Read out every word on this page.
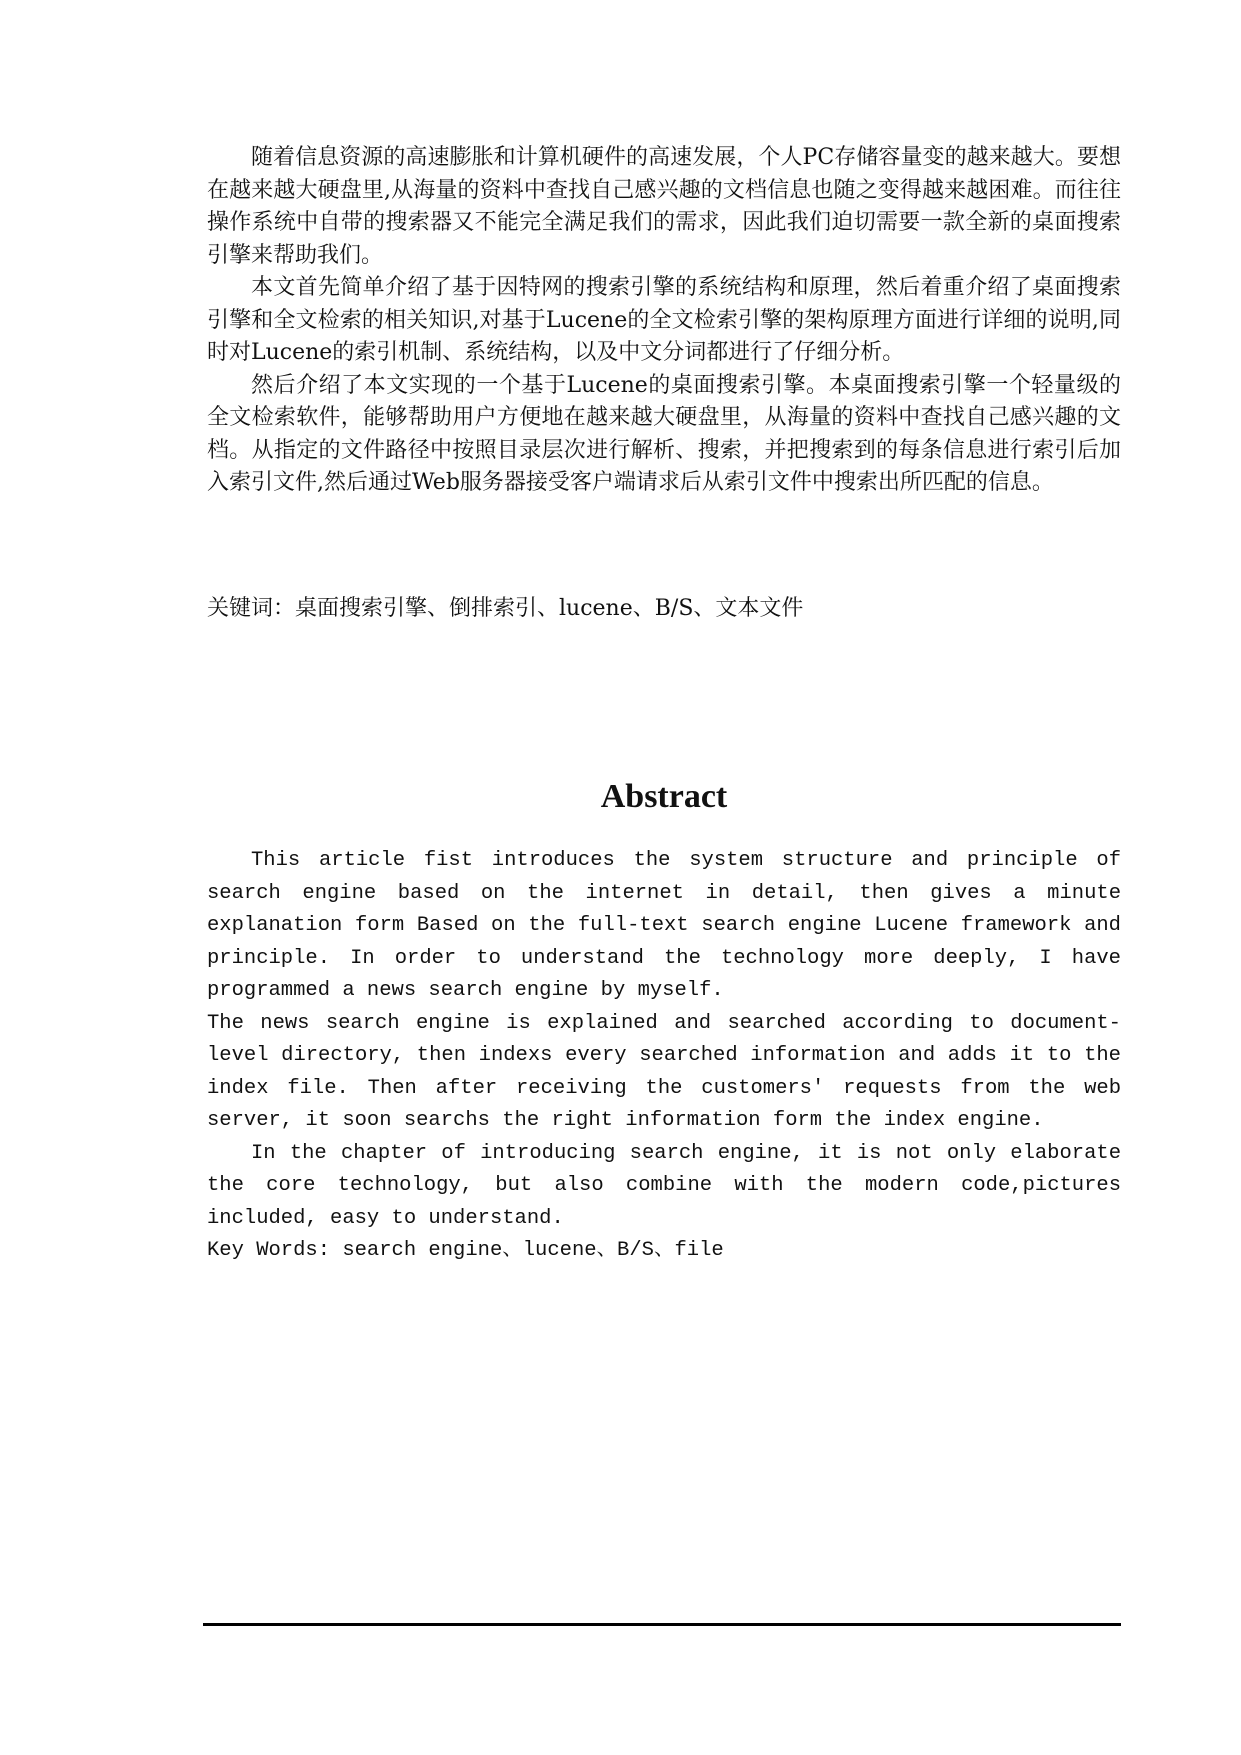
随着信息资源的高速膨胀和计算机硬件的高速发展，个人PC存储容量变的越来越大。要想在越来越大硬盘里,从海量的资料中查找自己感兴趣的文档信息也随之变得越来越困难。而往往操作系统中自带的搜索器又不能完全满足我们的需求，因此我们迫切需要一款全新的桌面搜索引擎来帮助我们。

本文首先简单介绍了基于因特网的搜索引擎的系统结构和原理，然后着重介绍了桌面搜索引擎和全文检索的相关知识,对基于Lucene的全文检索引擎的架构原理方面进行详细的说明,同时对Lucene的索引机制、系统结构，以及中文分词都进行了仔细分析。

然后介绍了本文实现的一个基于Lucene的桌面搜索引擎。本桌面搜索引擎一个轻量级的全文检索软件，能够帮助用户方便地在越来越大硬盘里，从海量的资料中查找自己感兴趣的文档。从指定的文件路径中按照目录层次进行解析、搜索，并把搜索到的每条信息进行索引后加入索引文件,然后通过Web服务器接受客户端请求后从索引文件中搜索出所匹配的信息。

关键词：桌面搜索引擎、倒排索引、lucene、B/S、文本文件

Abstract

This article fist introduces the system structure and principle of search engine based on the internet in detail, then gives a minute explanation form Based on the full-text search engine Lucene framework and principle. In order to understand the technology more deeply, I have programmed a news search engine by myself.

The news search engine is explained and searched according to document-level directory, then indexs every searched information and adds it to the index file. Then after receiving the customers' requests from the web server, it soon searchs the right information form the index engine.

In the chapter of introducing search engine, it is not only elaborate the core technology, but also combine with the modern code,pictures included, easy to understand.

Key Words: search engine、lucene、B/S、file
